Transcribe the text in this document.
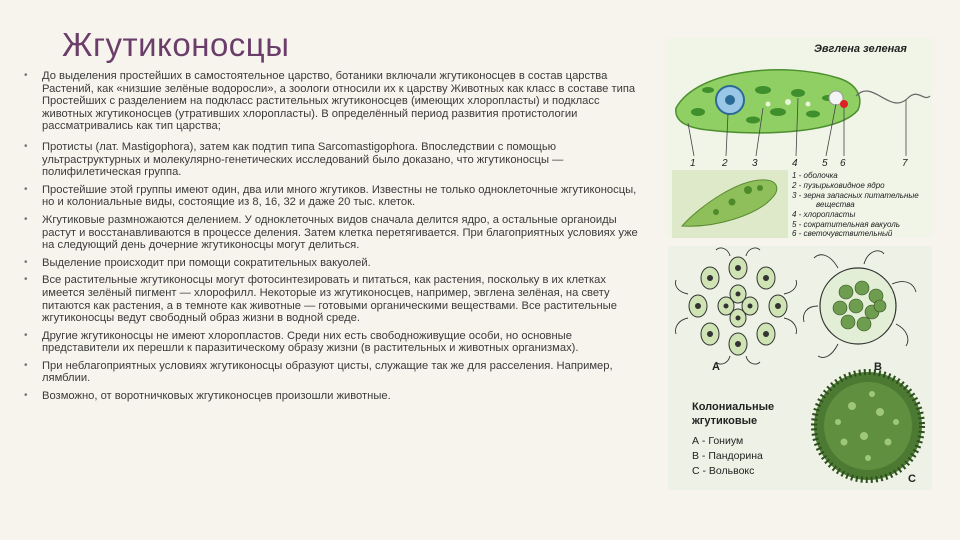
Жгутиконосцы
• До выделения простейших в самостоятельное царство, ботаники включали жгутиконосцев в состав царства Растений, как «низшие зелёные водоросли», а зоологи относили их к царству Животных как класс в составе типа Простейших с разделением на подкласс растительных жгутиконосцев (имеющих хлоропласты) и подкласс животных жгутиконосцев (утративших хлоропласты). В определённый период развития протистологии рассматривались как тип царства;
• Протисты (лат. Mastigophora), затем как подтип типа Sarcomastigophora. Впоследствии с помощью ультраструктурных и молекулярно-генетических исследований было доказано, что жгутиконосцы — полифилетическая группа.
• Простейшие этой группы имеют один, два или много жгутиков. Известны не только одноклеточные жгутиконосцы, но и колониальные виды, состоящие из 8, 16, 32 и даже 20 тыс. клеток.
• Жгутиковые размножаются делением. У одноклеточных видов сначала делится ядро, а остальные органоиды растут и восстанавливаются в процессе деления. Затем клетка перетягивается. При благоприятных условиях уже на следующий день дочерние жгутиконосцы могут делиться.
• Выделение происходит при помощи сократительных вакуолей.
• Все растительные жгутиконосцы могут фотосинтезировать и питаться, как растения, поскольку в их клетках имеется зелёный пигмент — хлорофилл. Некоторые из жгутиконосцев, например, эвглена зелёная, на свету питаются как растения, а в темноте как животные — готовыми органическими веществами. Все растительные жгутиконосцы ведут свободный образ жизни в водной среде.
• Другие жгутиконосцы не имеют хлоропластов. Среди них есть свободноживущие особи, но основные представители их перешли к паразитическому образу жизни (в растительных и животных организмах).
• При неблагоприятных условиях жгутиконосцы образуют цисты, служащие так же для расселения. Например, лямблии.
• Возможно, от воротничковых жгутиконосцев произошли животные.
Эвглена зеленая
1	2 3	4 5 6	7
1 - оболочка
2 - пузырьковидное ядро
3 - зерна запасных питательные
вещества
4 - хлоропласты
5 - сократительная вакуоль
6 - светочувствительный
А	В
С
Колониальные
жгутиковые
А - Гониум
В - Пандорина
С - Вольвокс
